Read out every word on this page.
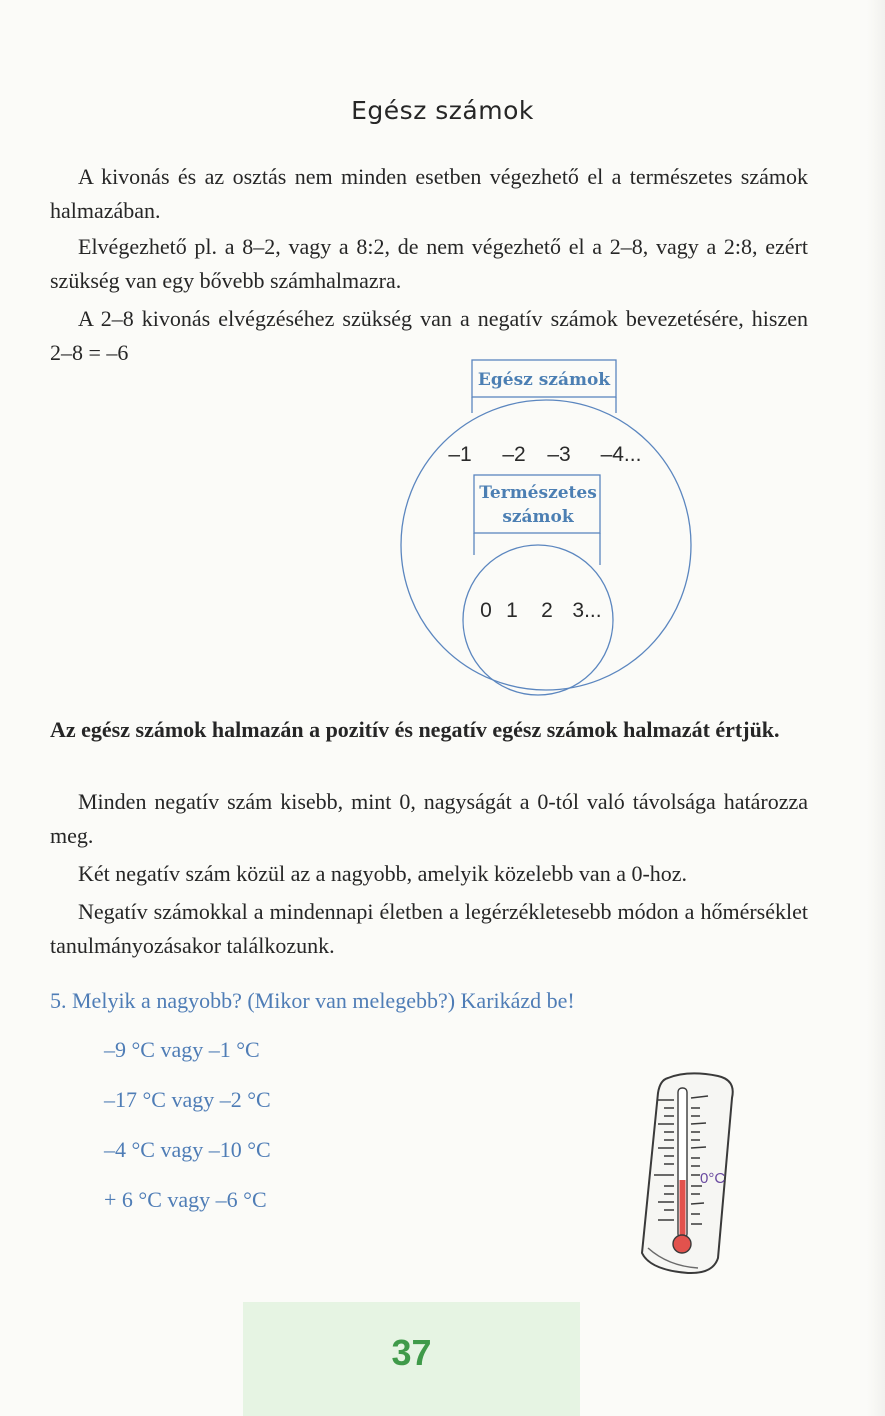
Egész számok

A kivonás és az osztás nem minden esetben végezhető el a természetes számok halmazában.

Elvégezhető pl. a 8–2, vagy a 8:2, de nem végezhető el a 2–8, vagy a 2:8, ezért szükség van egy bővebb számhalmazra.

A 2–8 kivonás elvégzéséhez szükség van a negatív számok bevezetésére, hiszen 2–8 = –6

Egész számok
–1 –2 –3 –4...
Természetes
számok
0 1 2 3...

Az egész számok halmazán a pozitív és negatív egész számok halmazát értjük.

Minden negatív szám kisebb, mint 0, nagyságát a 0-tól való távolsága határozza meg.

Két negatív szám közül az a nagyobb, amelyik közelebb van a 0-hoz.

Negatív számokkal a mindennapi életben a legérzékletesebb módon a hőmérséklet tanulmányozásakor találkozunk.

5. Melyik a nagyobb? (Mikor van melegebb?) Karikázd be!

–9 °C vagy –1 °C
–17 °C vagy –2 °C
–4 °C vagy –10 °C
+ 6 °C vagy –6 °C
0°C
37
